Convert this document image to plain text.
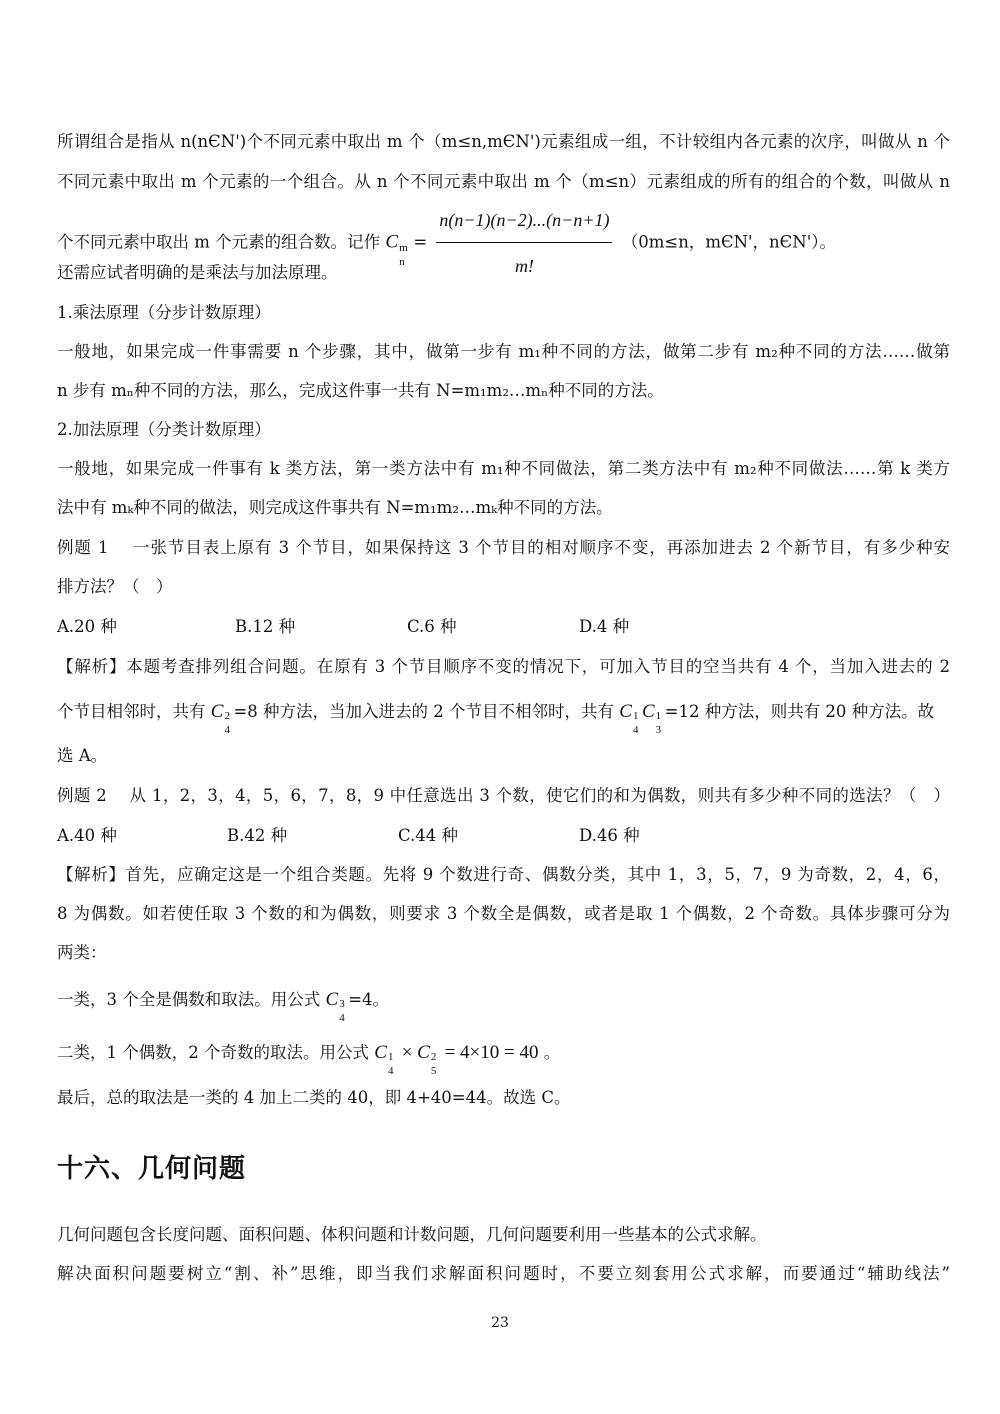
所谓组合是指从 n(nЄN')个不同元素中取出 m 个（m≤n,mЄN')元素组成一组，不计较组内各元素的次序，叫做从 n 个
不同元素中取出 m 个元素的一个组合。从 n 个不同元素中取出 m 个（m≤n）元素组成的所有的组合的个数，叫做从 n
个不同元素中取出 m 个元素的组合数。记作 C m
n
= $\frac{n(n-1)(n-2)...(n-n+1)}{m!} (0m\le n$，mЄN'，nЄN'）。
还需应试者明确的是乘法与加法原理。
1.乘法原理（分步计数原理）
一般地，如果完成一件事需要 n 个步骤，其中，做第一步有 m₁种不同的方法，做第二步有 m₂种不同的方法……做第
n 步有 mₙ种不同的方法，那么，完成这件事一共有 N=m₁m₂…mₙ种不同的方法。
2.加法原理（分类计数原理）
一般地，如果完成一件事有 k 类方法，第一类方法中有 m₁种不同做法，第二类方法中有 m₂种不同做法……第 k 类方
法中有 mₖ种不同的做法，则完成这件事共有 N=m₁m₂…mₖ种不同的方法。
例题 1　 一张节目表上原有 3 个节目，如果保持这 3 个节目的相对顺序不变，再添加进去 2 个新节目，有多少种安
排方法？（　）
A.20 种	B.12 种	C.6 种	D.4 种
【解析】本题考查排列组合问题。在原有 3 个节目顺序不变的情况下，可加入节目的空当共有 4 个，当加入进去的 2
个节目相邻时，共有 C 2
4
=8 种方法，当加入进去的 2 个节目不相邻时，共有 C 1
4
C 1
3
=12 种方法，则共有 20 种方法。故
选 A。
例题 2　 从 1，2，3，4，5，6，7，8，9 中任意选出 3 个数，使它们的和为偶数，则共有多少种不同的选法？（　）
A.40 种	B.42 种	C.44 种	D.46 种
【解析】首先，应确定这是一个组合类题。先将 9 个数进行奇、偶数分类，其中 1，3，5，7，9 为奇数，2，4，6，
8 为偶数。如若使任取 3 个数的和为偶数，则要求 3 个数全是偶数，或者是取 1 个偶数，2 个奇数。具体步骤可分为
两类：
一类，3 个全是偶数和取法。用公式 C 3
4
=4。
二类，1 个偶数，2 个奇数的取法。用公式 C 1
4
× C 2
5
= 4×10 = 40 。
最后，总的取法是一类的 4 加上二类的 40，即 4+40=44。故选 C。
十六、几何问题
几何问题包含长度问题、面积问题、体积问题和计数问题，几何问题要利用一些基本的公式求解。
解决面积问题要树立“割、补”思维，即当我们求解面积问题时，不要立刻套用公式求解，而要通过“辅助线法”
23
